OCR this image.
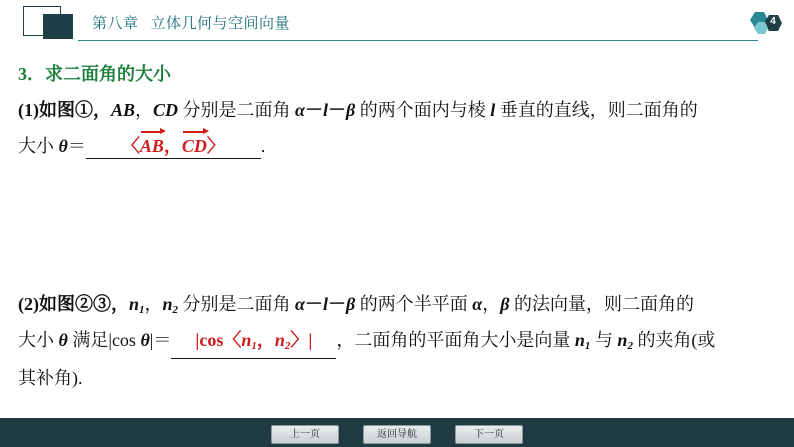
第八章 立体几何与空间向量	4
3．求二面角的大小
(1)如图①，AB，CD 分别是二面角 α－l－β 的两个面内与棱 l 垂直的直线，则二面角的
大小 θ＝ 〈AB，CD〉 .
(2)如图②③，$n_1$，$n_2$ 分别是二面角 α－l－β 的两个半平面 α，β 的法向量，则二面角的
大小 θ 满足|cos θ|＝ |cos〈$n_1$，$n_2$〉| ，二面角的平面角大小是向量 $n_1$ 与 $n_2$ 的夹角(或
其补角).
上一页	返回导航	下一页
